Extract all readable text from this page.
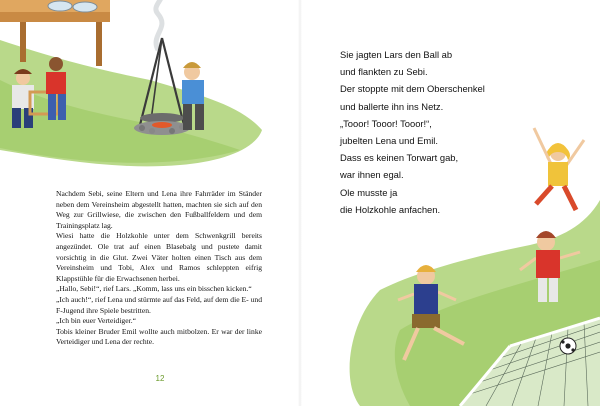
Nachdem Sebi, seine Eltern und Lena ihre Fahrräder im Ständer neben dem Vereinsheim abgestellt hatten, machten sie sich auf den Weg zur Grillwiese, die zwischen den Fußballfeldern und dem Trainingsplatz lag.

Wiesi hatte die Holzkohle unter dem Schwenkgrill bereits angezündet. Ole trat auf einen Blasebalg und pustete damit vorsichtig in die Glut. Zwei Väter holten einen Tisch aus dem Vereinsheim und Tobi, Alex und Ramos schleppten eifrig Klappstühle für die Erwachsenen herbei.

„Hallo, Sebi!“, rief Lars. „Komm, lass uns ein bisschen kicken.“

„Ich auch!“, rief Lena und stürmte auf das Feld, auf dem die E- und F-Jugend ihre Spiele bestritten.

„Ich bin euer Verteidiger.“

Tobis kleiner Bruder Emil wollte auch mitbolzen. Er war der linke Verteidiger und Lena der rechte.

12
Sie jagten Lars den Ball ab
und flankten zu Sebi.
Der stoppte mit dem Oberschenkel
und ballerte ihn ins Netz.
„Tooor! Tooor! Tooor!“,
jubelten Lena und Emil.
Dass es keinen Torwart gab,
war ihnen egal.
Ole musste ja
die Holzkohle anfachen.
